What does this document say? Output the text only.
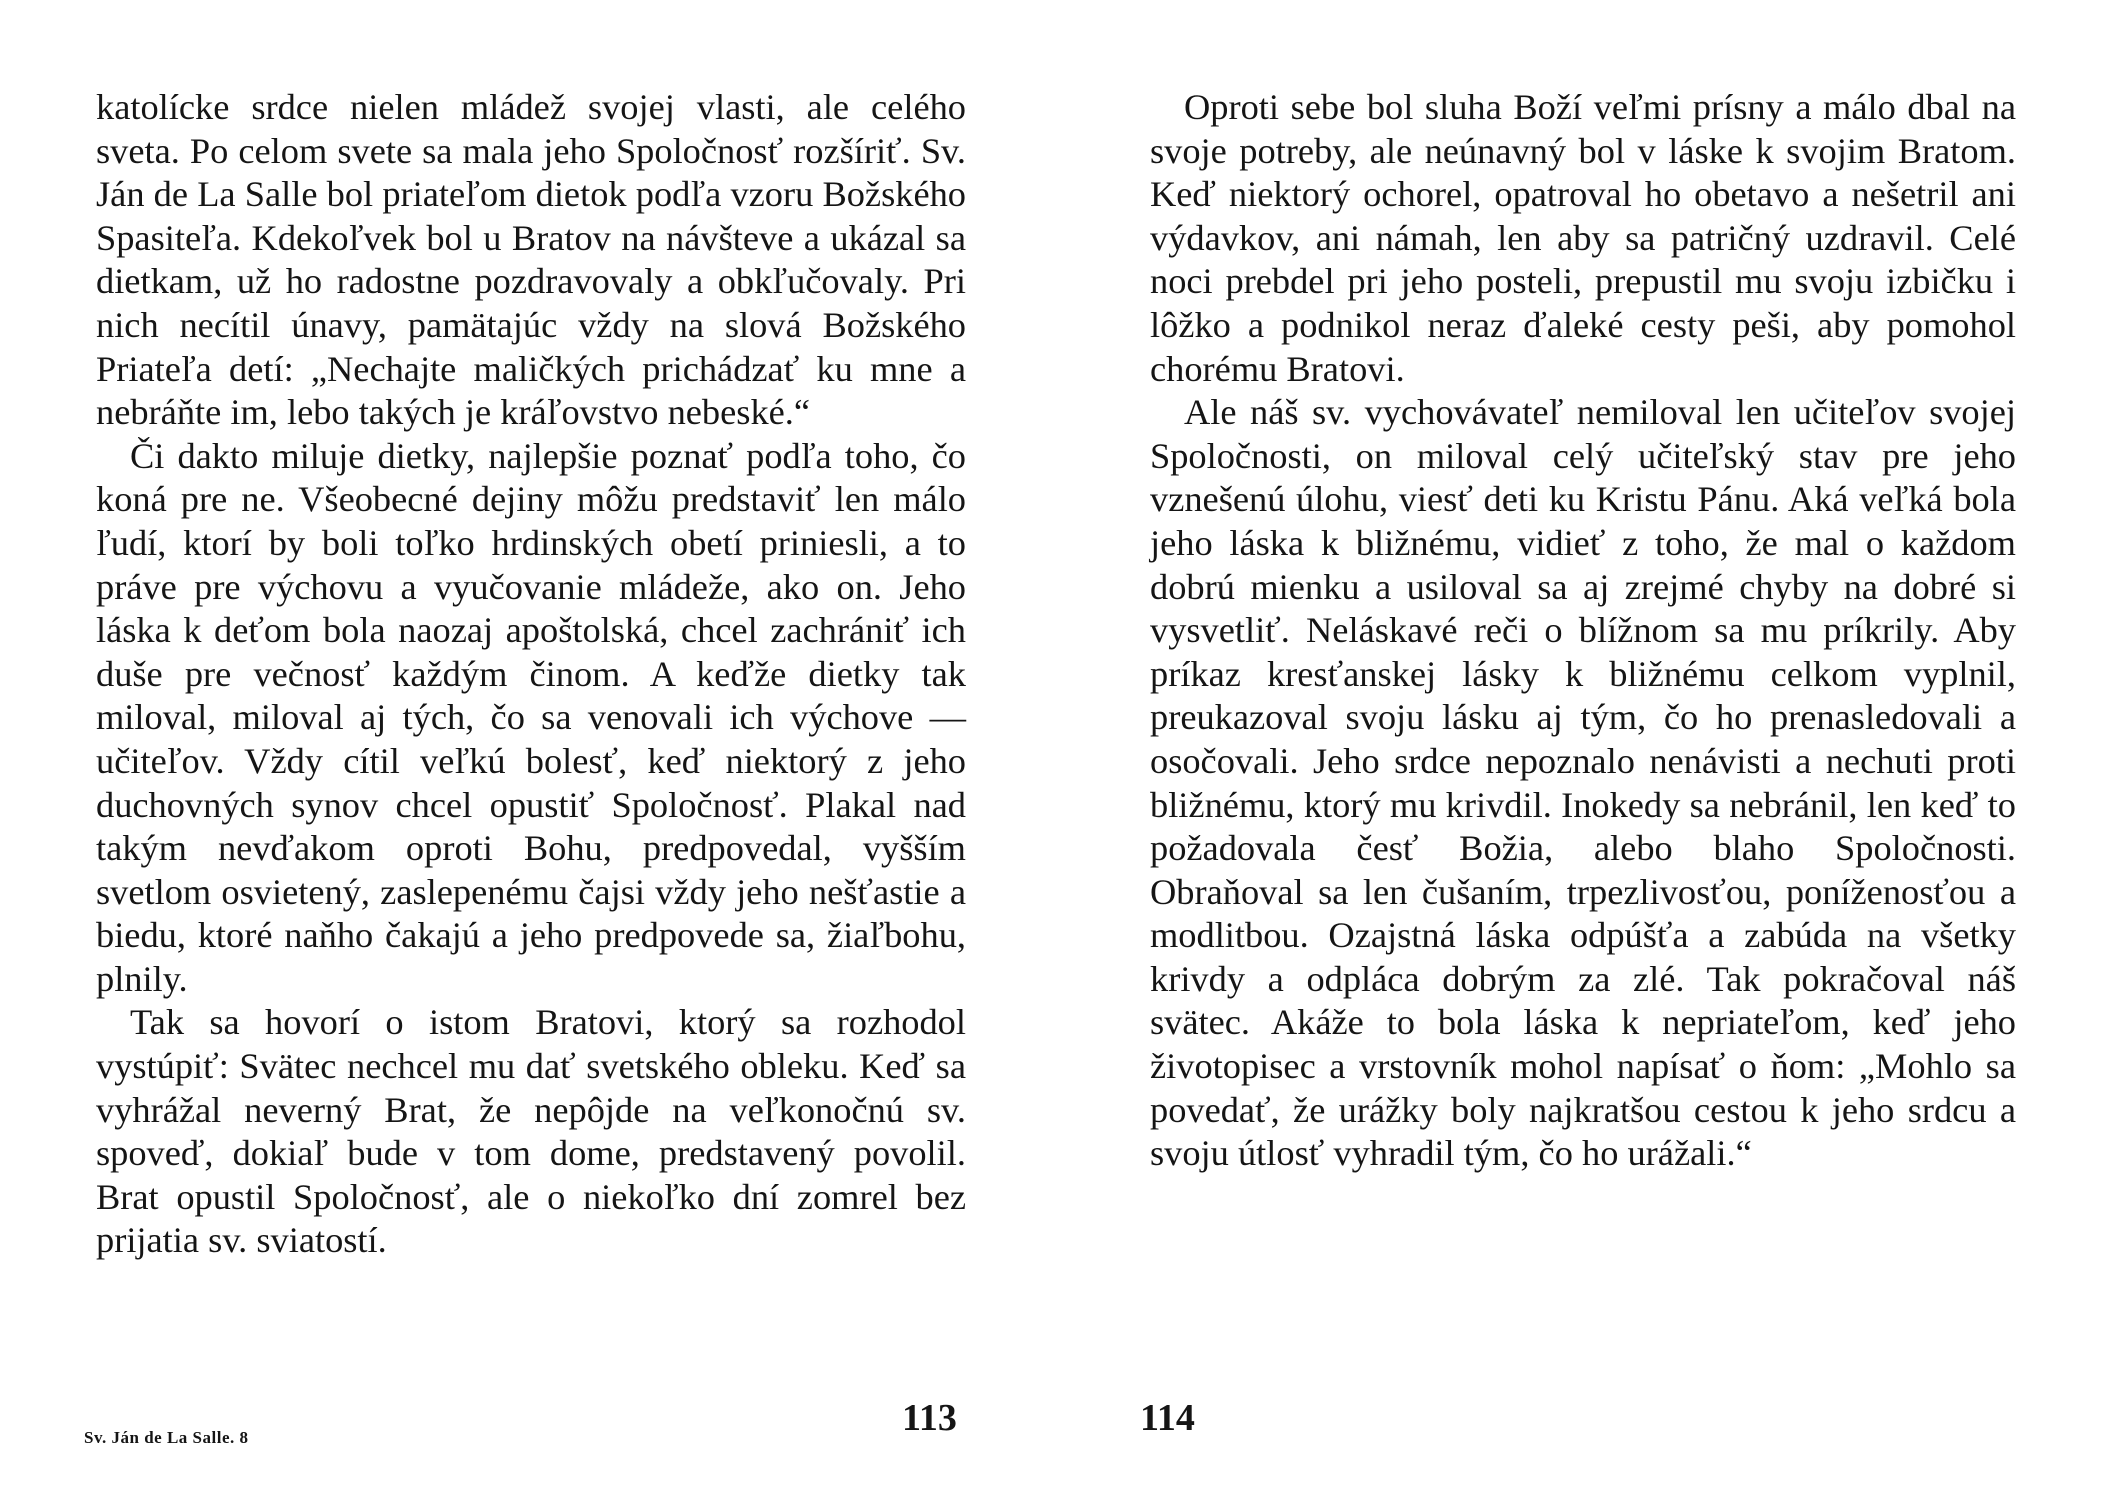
katolícke srdce nielen mládež svojej vlasti, ale celého sveta. Po celom svete sa mala jeho Spoločnosť rozšíriť. Sv. Ján de La Salle bol priateľom dietok podľa vzoru Božského Spasiteľa. Kdekoľvek bol u Bratov na návšteve a ukázal sa dietkam, už ho radostne pozdravovaly a obkľučovaly. Pri nich necítil únavy, pamätajúc vždy na slová Božského Priateľa detí: „Nechajte maličkých prichádzať ku mne a nebráňte im, lebo takých je kráľovstvo nebeské.“

Či dakto miluje dietky, najlepšie poznať podľa toho, čo koná pre ne. Všeobecné dejiny môžu predstaviť len málo ľudí, ktorí by boli toľko hrdinských obetí priniesli, a to práve pre výchovu a vyučovanie mládeže, ako on. Jeho láska k deťom bola naozaj apoštolská, chcel zachrániť ich duše pre večnosť každým činom. A keďže dietky tak miloval, miloval aj tých, čo sa venovali ich výchove — učiteľov. Vždy cítil veľkú bolesť, keď niektorý z jeho duchovných synov chcel opustiť Spoločnosť. Plakal nad takým nevďakom oproti Bohu, predpovedal, vyšším svetlom osvietený, zaslepenému čajsi vždy jeho nešťastie a biedu, ktoré naňho čakajú a jeho predpovede sa, žiaľbohu, plnily.

Tak sa hovorí o istom Bratovi, ktorý sa rozhodol vystúpiť: Svätec nechcel mu dať svetského obleku. Keď sa vyhrážal neverný Brat, že nepôjde na veľkonočnú sv. spoveď, dokiaľ bude v tom dome, predstavený povolil. Brat opustil Spoločnosť, ale o niekoľko dní zomrel bez prijatia sv. sviatostí.

Sv. Ján de La Salle. 8	113

Oproti sebe bol sluha Boží veľmi prísny a málo dbal na svoje potreby, ale neúnavný bol v láske k svojim Bratom. Keď niektorý ochorel, opatroval ho obetavo a nešetril ani výdavkov, ani námah, len aby sa patričný uzdravil. Celé noci prebdel pri jeho posteli, prepustil mu svoju izbičku i lôžko a podnikol neraz ďaleké cesty peši, aby pomohol chorému Bratovi.

Ale náš sv. vychovávateľ nemiloval len učiteľov svojej Spoločnosti, on miloval celý učiteľský stav pre jeho vznešenú úlohu, viesť deti ku Kristu Pánu. Aká veľká bola jeho láska k bližnému, vidieť z toho, že mal o každom dobrú mienku a usiloval sa aj zrejmé chyby na dobré si vysvetliť. Neláskavé reči o blížnom sa mu príkrily. Aby príkaz kresťanskej lásky k bližnému celkom vyplnil, preukazoval svoju lásku aj tým, čo ho prenasledovali a osočovali. Jeho srdce nepoznalo nenávisti a nechuti proti bližnému, ktorý mu krivdil. Inokedy sa nebránil, len keď to požadovala česť Božia, alebo blaho Spoločnosti. Obraňoval sa len čušaním, trpezlivosťou, poníženosťou a modlitbou. Ozajstná láska odpúšťa a zabúda na všetky krivdy a odpláca dobrým za zlé. Tak pokračoval náš svätec. Akáže to bola láska k nepriateľom, keď jeho životopisec a vrstovník mohol napísať o ňom: „Mohlo sa povedať, že urážky boly najkratšou cestou k jeho srdcu a svoju útlosť vyhradil tým, čo ho urážali.“

114
